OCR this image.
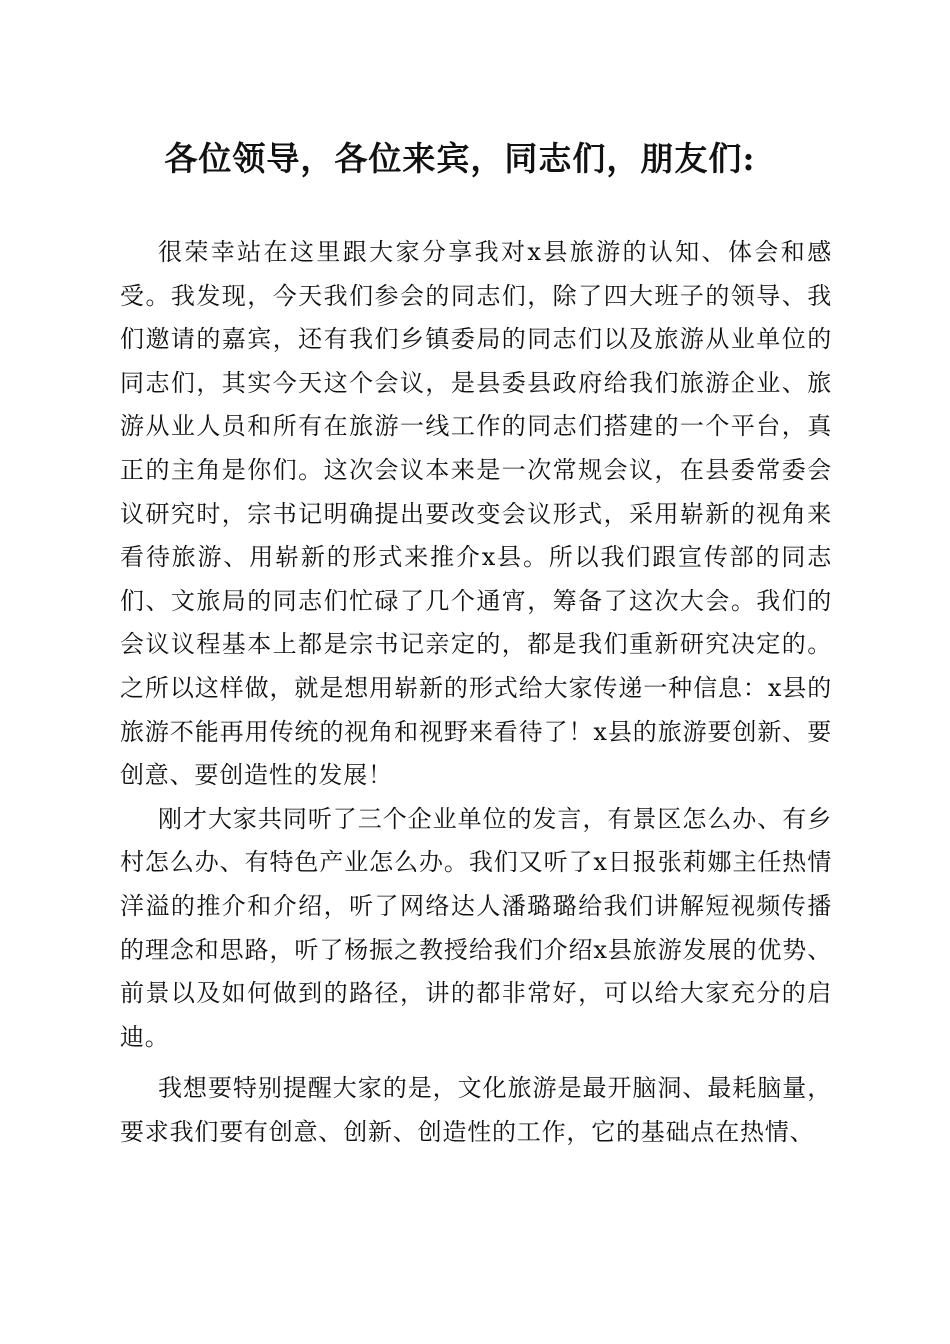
各位领导，各位来宾，同志们，朋友们:

很荣幸站在这里跟大家分享我对x县旅游的认知、体会和感受。我发现，今天我们参会的同志们，除了四大班子的领导、我们邀请的嘉宾，还有我们乡镇委局的同志们以及旅游从业单位的同志们，其实今天这个会议，是县委县政府给我们旅游企业、旅游从业人员和所有在旅游一线工作的同志们搭建的一个平台，真正的主角是你们。这次会议本来是一次常规会议，在县委常委会议研究时，宗书记明确提出要改变会议形式，采用崭新的视角来看待旅游、用崭新的形式来推介x县。所以我们跟宣传部的同志们、文旅局的同志们忙碌了几个通宵，筹备了这次大会。我们的会议议程基本上都是宗书记亲定的，都是我们重新研究决定的。之所以这样做，就是想用崭新的形式给大家传递一种信息：x县的旅游不能再用传统的视角和视野来看待了！x县的旅游要创新、要创意、要创造性的发展！

刚才大家共同听了三个企业单位的发言，有景区怎么办、有乡村怎么办、有特色产业怎么办。我们又听了x日报张莉娜主任热情洋溢的推介和介绍，听了网络达人潘璐璐给我们讲解短视频传播的理念和思路，听了杨振之教授给我们介绍x县旅游发展的优势、前景以及如何做到的路径，讲的都非常好，可以给大家充分的启迪。

我想要特别提醒大家的是，文化旅游是最开脑洞、最耗脑量，要求我们要有创意、创新、创造性的工作，它的基础点在热情、
